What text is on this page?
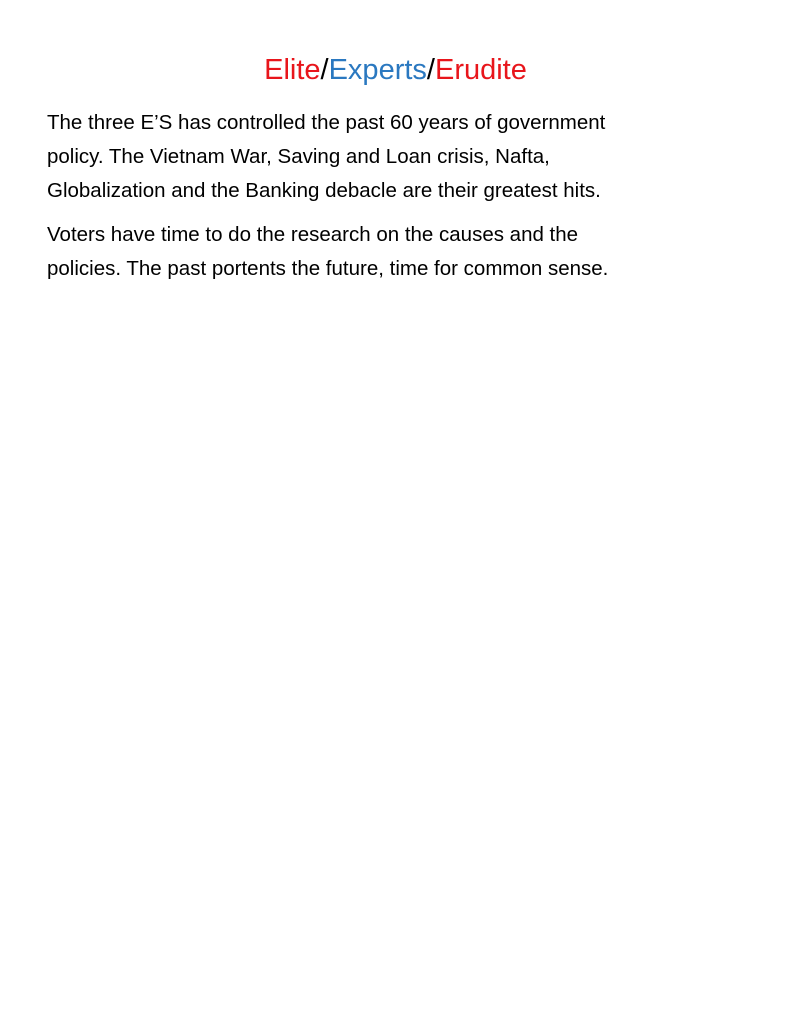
Elite/Experts/Erudite
The three E’S has controlled the past 60 years of government
policy. The Vietnam War, Saving and Loan crisis, Nafta,
Globalization and the Banking debacle are their greatest hits.
Voters have time to do the research on the causes and the
policies. The past portents the future, time for common sense.
